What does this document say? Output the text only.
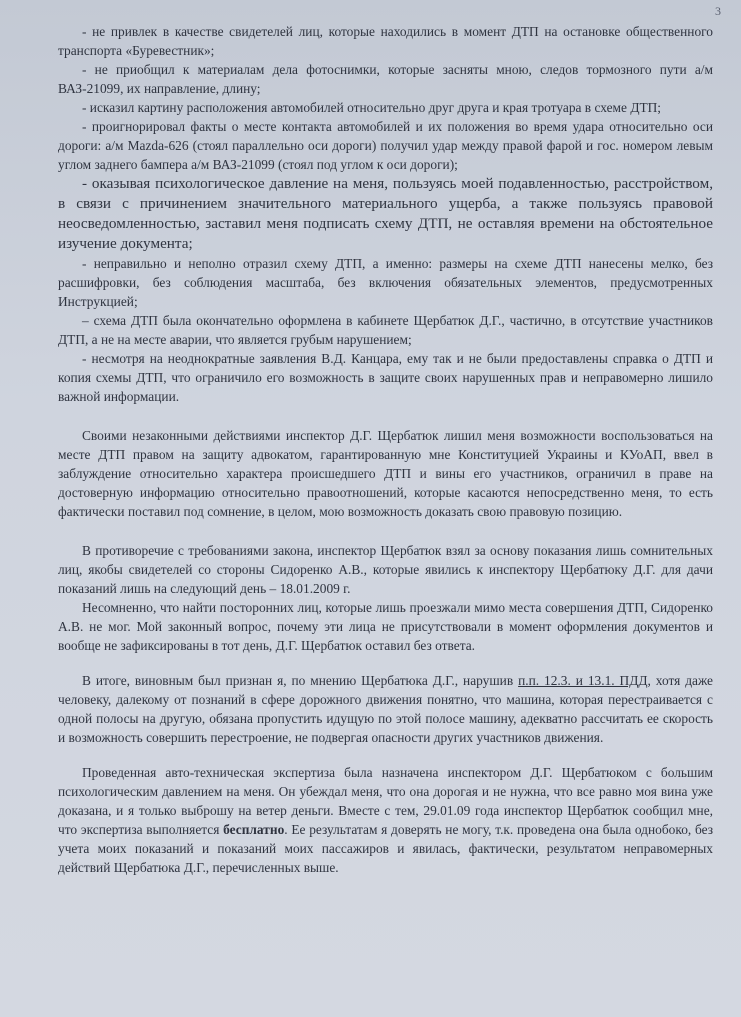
3

- не привлек в качестве свидетелей лиц, которые находились в момент ДТП на остановке общественного транспорта «Буревестник»;

- не приобщил к материалам дела фотоснимки, которые засняты мною, следов тормозного пути а/м ВАЗ-21099, их направление, длину;

- исказил картину расположения автомобилей относительно друг друга и края тротуара в схеме ДТП;

- проигнорировал факты о месте контакта автомобилей и их положения во время удара относительно оси дороги: а/м Mazda-626 (стоял параллельно оси дороги) получил удар между правой фарой и гос. номером левым углом заднего бампера а/м ВАЗ-21099 (стоял под углом к оси дороги);

- оказывая психологическое давление на меня, пользуясь моей подавленностью, расстройством, в связи с причинением значительного материального ущерба, а также пользуясь правовой неосведомленностью, заставил меня подписать схему ДТП, не оставляя времени на обстоятельное изучение документа;

- неправильно и неполно отразил схему ДТП, а именно: размеры на схеме ДТП нанесены мелко, без расшифровки, без соблюдения масштаба, без включения обязательных элементов, предусмотренных Инструкцией;

– схема ДТП была окончательно оформлена в кабинете Щербатюк Д.Г., частично, в отсутствие участников ДТП, а не на месте аварии, что является грубым нарушением;

- несмотря на неоднократные заявления В.Д. Канцара, ему так и не были предоставлены справка о ДТП и копия схемы ДТП, что ограничило его возможность в защите своих нарушенных прав и неправомерно лишило важной информации.

Своими незаконными действиями инспектор Д.Г. Щербатюк лишил меня возможности воспользоваться на месте ДТП правом на защиту адвокатом, гарантированную мне Конституцией Украины и КУоАП, ввел в заблуждение относительно характера происшедшего ДТП и вины его участников, ограничил в праве на достоверную информацию относительно правоотношений, которые касаются непосредственно меня, то есть фактически поставил под сомнение, в целом, мою возможность доказать свою правовую позицию.

В противоречие с требованиями закона, инспектор Щербатюк взял за основу показания лишь сомнительных лиц, якобы свидетелей со стороны Сидоренко А.В., которые явились к инспектору Щербатюку Д.Г. для дачи показаний лишь на следующий день – 18.01.2009 г.

Несомненно, что найти посторонних лиц, которые лишь проезжали мимо места совершения ДТП, Сидоренко А.В. не мог. Мой законный вопрос, почему эти лица не присутствовали в момент оформления документов и вообще не зафиксированы в тот день, Д.Г. Щербатюк оставил без ответа.

В итоге, виновным был признан я, по мнению Щербатюка Д.Г., нарушив п.п. 12.3. и 13.1. ПДД, хотя даже человеку, далекому от познаний в сфере дорожного движения понятно, что машина, которая перестраивается с одной полосы на другую, обязана пропустить идущую по этой полосе машину, адекватно рассчитать ее скорость и возможность совершить перестроение, не подвергая опасности других участников движения.

Проведенная авто-техническая экспертиза была назначена инспектором Д.Г. Щербатюком с большим психологическим давлением на меня. Он убеждал меня, что она дорогая и не нужна, что все равно моя вина уже доказана, и я только выброшу на ветер деньги. Вместе с тем, 29.01.09 года инспектор Щербатюк сообщил мне, что экспертиза выполняется бесплатно. Ее результатам я доверять не могу, т.к. проведена она была однобоко, без учета моих показаний и показаний моих пассажиров и явилась, фактически, результатом неправомерных действий Щербатюка Д.Г., перечисленных выше.
